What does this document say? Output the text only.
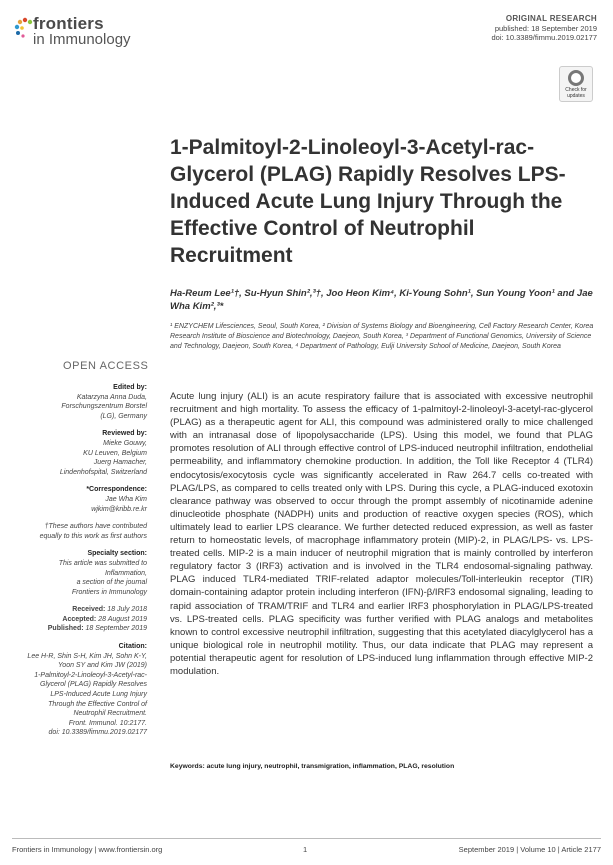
frontiers
in Immunology
ORIGINAL RESEARCH
published: 18 September 2019
doi: 10.3389/fimmu.2019.02177
Check for updates
1-Palmitoyl-2-Linoleoyl-3-Acetyl-rac-Glycerol (PLAG) Rapidly Resolves LPS-Induced Acute Lung Injury Through the Effective Control of Neutrophil Recruitment
Ha-Reum Lee¹†, Su-Hyun Shin²,³†, Joo Heon Kim⁴, Ki-Young Sohn¹, Sun Young Yoon¹ and Jae Wha Kim²,³*
¹ ENZYCHEM Lifesciences, Seoul, South Korea, ² Division of Systems Biology and Bioengineering, Cell Factory Research Center, Korea Research Institute of Bioscience and Biotechnology, Daejeon, South Korea, ³ Department of Functional Genomics, University of Science and Technology, Daejeon, South Korea, ⁴ Department of Pathology, Eulji University School of Medicine, Daejeon, South Korea
OPEN ACCESS
Edited by:
Katarzyna Anna Duda,
Forschungszentrum Borstel
(LG), Germany
Reviewed by:
Mieke Gouwy,
KU Leuven, Belgium
Juerg Hamacher,
Lindenhofspital, Switzerland
*Correspondence:
Jae Wha Kim
wjkim@kribb.re.kr
†These authors have contributed
equally to this work as first authors
Specialty section:
This article was submitted to
Inflammation,
a section of the journal
Frontiers in Immunology
Received: 18 July 2018
Accepted: 28 August 2019
Published: 18 September 2019
Citation:
Lee H-R, Shin S-H, Kim JH, Sohn K-Y,
Yoon SY and Kim JW (2019)
1-Palmitoyl-2-Linoleoyl-3-Acetyl-rac-
Glycerol (PLAG) Rapidly Resolves
LPS-Induced Acute Lung Injury
Through the Effective Control of
Neutrophil Recruitment.
Front. Immunol. 10:2177.
doi: 10.3389/fimmu.2019.02177
Acute lung injury (ALI) is an acute respiratory failure that is associated with excessive neutrophil recruitment and high mortality. To assess the efficacy of 1-palmitoyl-2-linoleoyl-3-acetyl-rac-glycerol (PLAG) as a therapeutic agent for ALI, this compound was administered orally to mice challenged with an intranasal dose of lipopolysaccharide (LPS). Using this model, we found that PLAG promotes resolution of ALI through effective control of LPS-induced neutrophil infiltration, endothelial permeability, and inflammatory chemokine production. In addition, the Toll like Receptor 4 (TLR4) endocytosis/exocytosis cycle was significantly accelerated in Raw 264.7 cells co-treated with PLAG/LPS, as compared to cells treated only with LPS. During this cycle, a PLAG-induced exotoxin clearance pathway was observed to occur through the prompt assembly of nicotinamide adenine dinucleotide phosphate (NADPH) units and production of reactive oxygen species (ROS), which ultimately lead to earlier LPS clearance. We further detected reduced expression, as well as faster return to homeostatic levels, of macrophage inflammatory protein (MIP)-2, in PLAG/LPS- vs. LPS-treated cells. MIP-2 is a main inducer of neutrophil migration that is mainly controlled by interferon regulatory factor 3 (IRF3) activation and is involved in the TLR4 endosomal-signaling pathway. PLAG induced TLR4-mediated TRIF-related adaptor molecules/Toll-interleukin receptor (TIR) domain-containing adaptor protein including interferon (IFN)-β/IRF3 endosomal signaling, leading to rapid association of TRAM/TRIF and TLR4 and earlier IRF3 phosphorylation in PLAG/LPS-treated vs. LPS-treated cells. PLAG specificity was further verified with PLAG analogs and metabolites known to control excessive neutrophil infiltration, suggesting that this acetylated diacylglycerol has a unique biological role in neutrophil motility. Thus, our data indicate that PLAG may represent a potential therapeutic agent for resolution of LPS-induced lung inflammation through effective MIP-2 modulation.
Keywords: acute lung injury, neutrophil, transmigration, inflammation, PLAG, resolution
Frontiers in Immunology | www.frontiersin.org	1	September 2019 | Volume 10 | Article 2177
